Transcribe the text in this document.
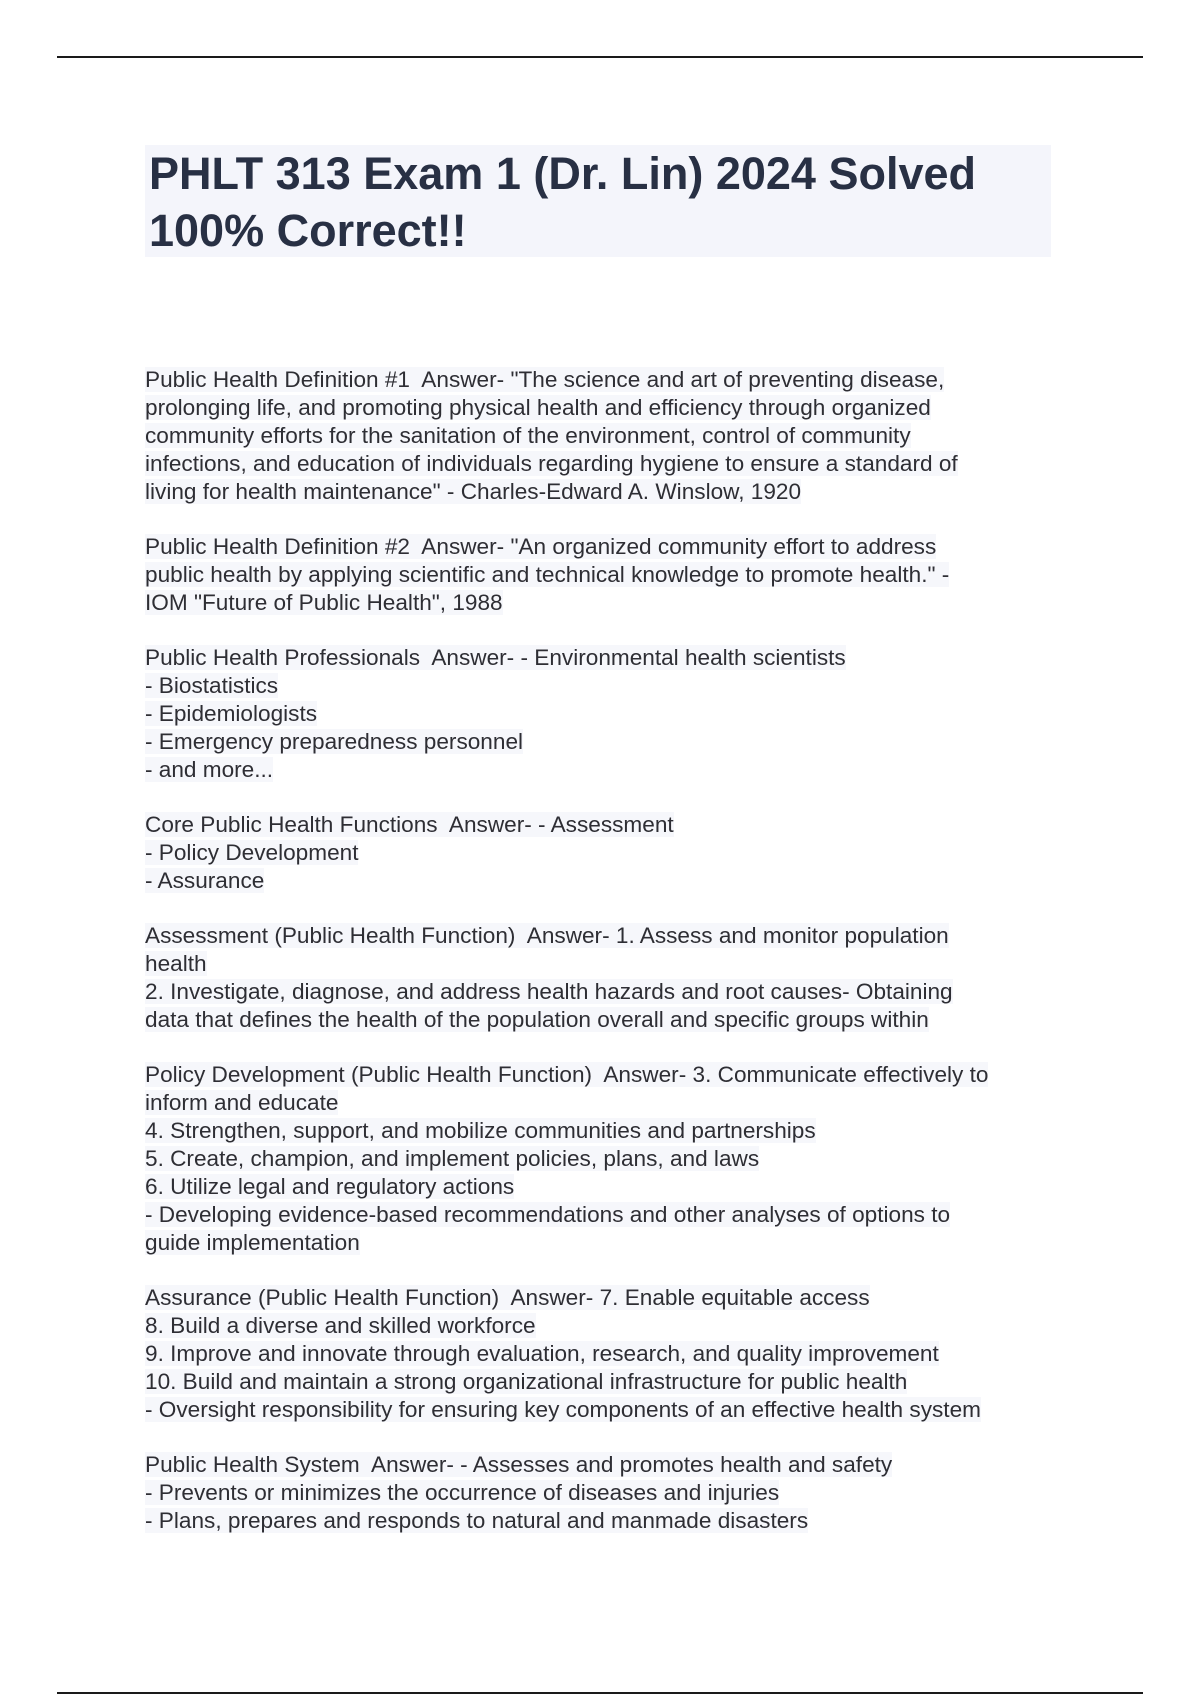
PHLT 313 Exam 1 (Dr. Lin) 2024 Solved
100% Correct!!
Public Health Definition #1  Answer- "The science and art of preventing disease,
prolonging life, and promoting physical health and efficiency through organized
community efforts for the sanitation of the environment, control of community
infections, and education of individuals regarding hygiene to ensure a standard of
living for health maintenance" - Charles-Edward A. Winslow, 1920
Public Health Definition #2  Answer- "An organized community effort to address
public health by applying scientific and technical knowledge to promote health." -
IOM "Future of Public Health", 1988
Public Health Professionals  Answer- - Environmental health scientists
- Biostatistics
- Epidemiologists
- Emergency preparedness personnel
- and more...
Core Public Health Functions  Answer- - Assessment
- Policy Development
- Assurance
Assessment (Public Health Function)  Answer- 1. Assess and monitor population
health
2. Investigate, diagnose, and address health hazards and root causes- Obtaining
data that defines the health of the population overall and specific groups within
Policy Development (Public Health Function)  Answer- 3. Communicate effectively to
inform and educate
4. Strengthen, support, and mobilize communities and partnerships
5. Create, champion, and implement policies, plans, and laws
6. Utilize legal and regulatory actions
- Developing evidence-based recommendations and other analyses of options to
guide implementation
Assurance (Public Health Function)  Answer- 7. Enable equitable access
8. Build a diverse and skilled workforce
9. Improve and innovate through evaluation, research, and quality improvement
10. Build and maintain a strong organizational infrastructure for public health
- Oversight responsibility for ensuring key components of an effective health system
Public Health System  Answer- - Assesses and promotes health and safety
- Prevents or minimizes the occurrence of diseases and injuries
- Plans, prepares and responds to natural and manmade disasters
